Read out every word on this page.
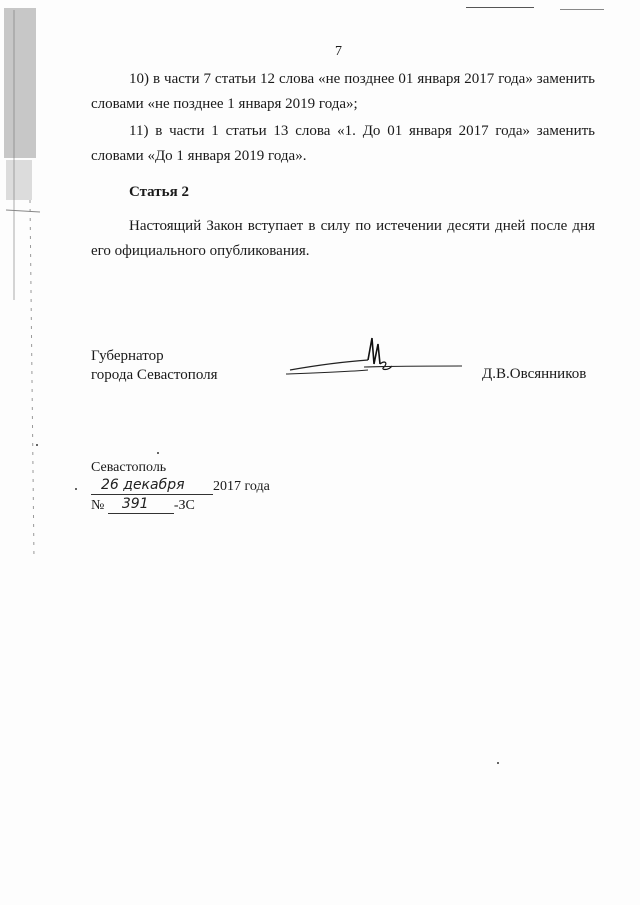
7
10) в части 7 статьи 12 слова «не позднее 01 января 2017 года» заменить словами «не позднее 1 января 2019 года»;
11) в части 1 статьи 13 слова «1. До 01 января 2017 года» заменить словами «До 1 января 2019 года».
Статья 2
Настоящий Закон вступает в силу по истечении десяти дней после дня его официального опубликования.
Губернатор
города Севастополя	Д.В.Овсянников
Севастополь
26 декабря 2017 года
№ 391 -ЗС
